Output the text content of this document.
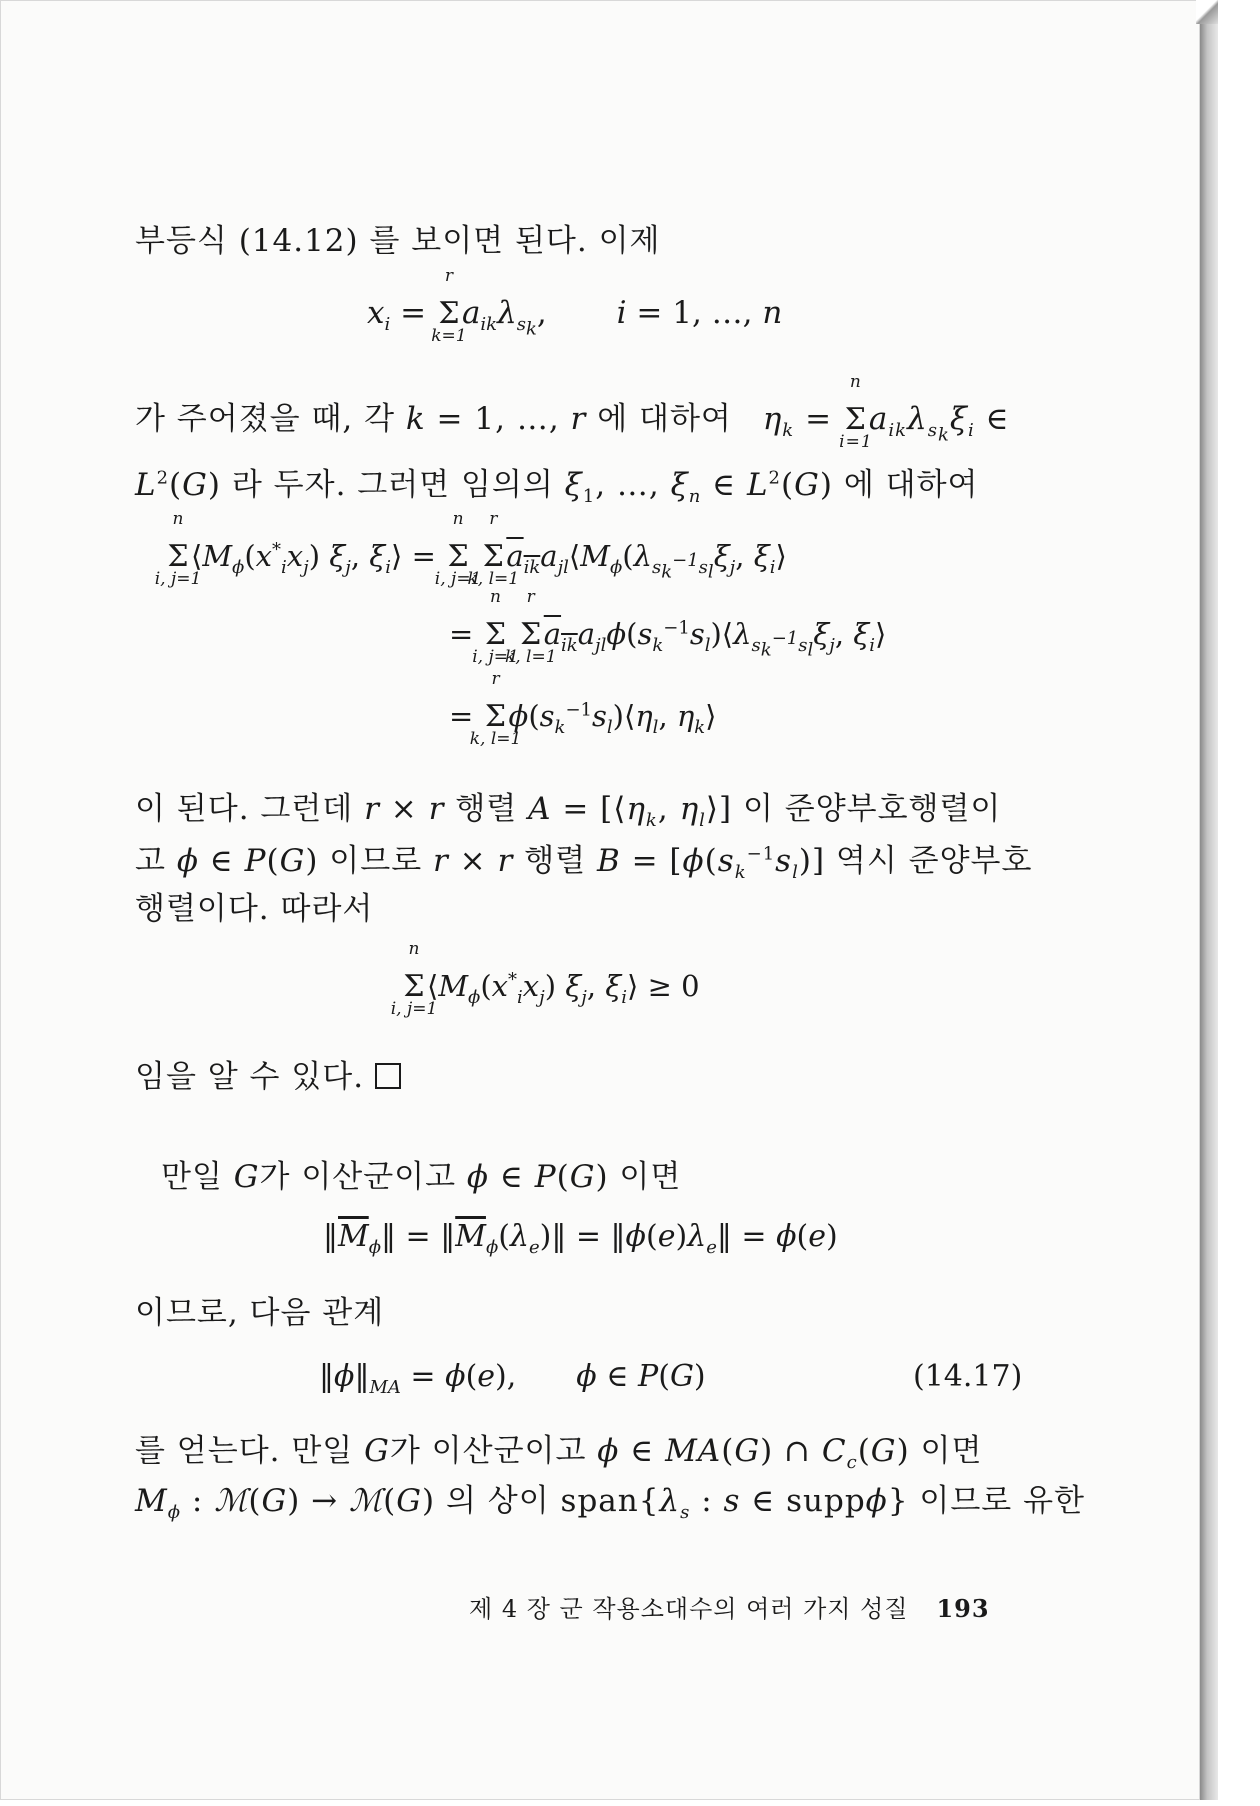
부등식 (14.12) 를 보이면 된다. 이제
$x_i = \Sigma$
r
k=1
$a_{ik}\lambda_{s_k}$, i = 1, …, n
가 주어졌을 때, 각 k = 1, …, r 에 대하여 $\eta_k = \Sigma$
n
i=1
$a_{ik}\lambda_{s_k}\xi_i$ ∈
$L^2(G)$ 라 두자. 그러면 임의의 $\xi_1$, …, $\xi_n$ ∈ $L^2(G)$ 에 대하여
Σ
n
i, j=1
$⟨M_\phi(x^*_ix_j)$ $\xi_j$, $\xi_i⟩ = \Sigma$
n
i, j=1
Σ
r
k, l=1
$a_{ik}a_{jl}⟨M_\phi(\lambda_{s_k^{-1}s_l}\xi_j$, $\xi_i⟩$
= Σ
n
i, j=1
Σ
r
k, l=1
$a_{ik}a_{jl}\phi(s_k^{-1}s_l)⟨\lambda_{s_k^{-1}s_l}\xi_j$, $\xi_i⟩$
= Σ
r
k, l=1
$\phi(s_k^{-1}s_l)⟨\eta_l$, $\eta_k⟩$
이 된다. 그런데 r × r 행렬 $A = [⟨\eta_k$, $\eta_l⟩$] 이 준양부호행렬이
고 ϕ ∈ P(G) 이므로 r × r 행렬 $B = [\phi(s_k^{-1}s_l)]$ 역시 준양부호
행렬이다. 따라서
Σ
n
i, j=1
$⟨M_\phi(x^*_ix_j)$ $\xi_j$, $\xi_i⟩ \ge 0$
임을 알 수 있다.
만일 G가 이산군이고 ϕ ∈ P(G) 이면
$‖\overline{M}_\phi‖$ = $‖\overline{M}_\phi(\lambda_e)‖$ = $‖\phi(e)\lambda_e‖ = \phi(e)$
이므로, 다음 관계
$‖\phi‖_{MA} = \phi(e)$, ϕ ∈ P(G)	(14.17)
를 얻는다. 만일 G가 이산군이고 ϕ ∈ MA(G) ∩ $C_c(G)$ 이면
$M_\phi$ : ℳ(G) → ℳ(G) 의 상이 $span\{\lambda_s$ : s ∈ suppϕ} 이므로 유한
제 4 장 군 작용소대수의 여러 가지 성질 193
